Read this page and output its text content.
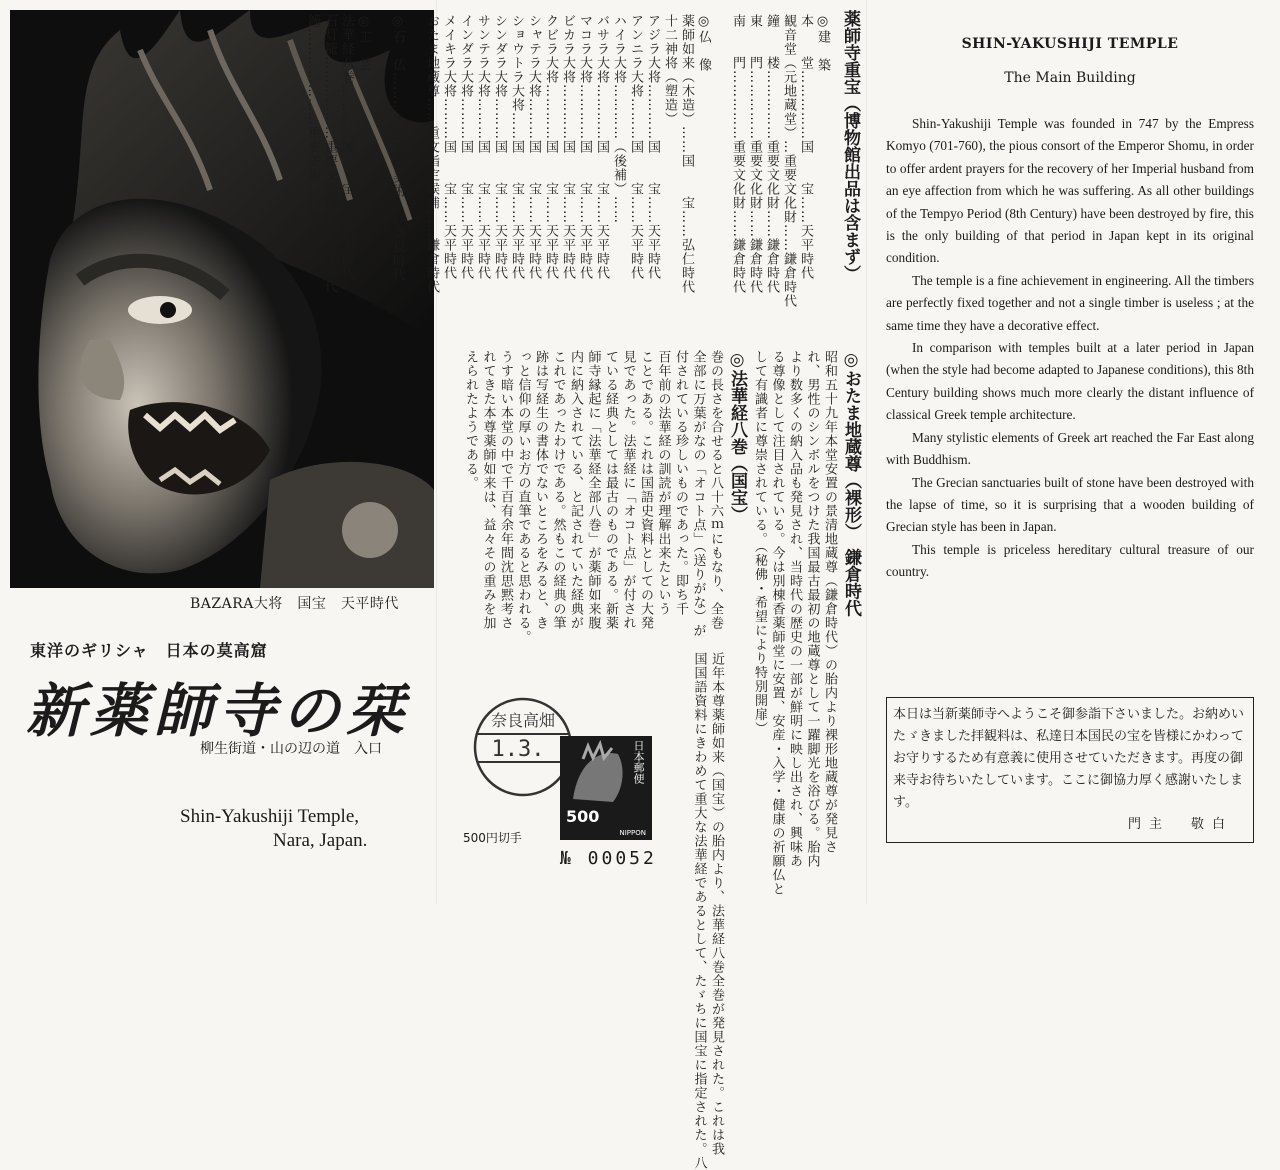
BAZARA大将　国宝　天平時代
東洋のギリシャ　日本の莫高窟
新薬師寺の栞
柳生街道・山の辺の道　入口
Shin-Yakushiji Temple,
Nara, Japan.
薬師寺重宝（博物館出品は含まず）
◎建　築
本　　堂……………国　　宝……天平時代
観音堂（元地蔵堂）…重要文化財……鎌倉時代
鐘　　楼……………重要文化財……鎌倉時代
東　　門……………重要文化財……鎌倉時代
南　　門……………重要文化財……鎌倉時代

◎仏　像
薬師如来（木造）……国　　宝……弘仁時代
十二神将（塑造）
アジラ大将…………国　　宝……天平時代
アンニラ大将………国　　宝……天平時代
ハイラ大将…………（後補）……
バサラ大将…………国　　宝……天平時代
マコラ大将…………国　　宝……天平時代
ビカラ大将…………国　　宝……天平時代
クビラ大将…………国　　宝……天平時代
シャテラ大将………国　　宝……天平時代
ショウトラ大将……国　　宝……天平時代
シンダラ大将………国　　宝……天平時代
サンテラ大将………国　　宝……天平時代
インダラ大将………国　　宝……天平時代
メイキラ大将………国　　宝……天平時代
おたま地蔵尊……重文指定候補……鎌倉時代

◎石　仏……………重要美術……奈良時代

◎工　芸
法華経八巻…………国　　宝……天平時代
石灯籠………………重要文化財……天平時代
鐘…………………重要美術……室町時代
◎おたま地蔵尊（裸形）　鎌倉時代
昭和五十九年本堂安置の景清地蔵尊（鎌倉時代）の胎内より裸形地蔵尊が発見さ
れ、男性のシンボルをつけた我国最古最初の地蔵尊として一躍脚光を浴びる。胎内
より数多くの納入品も発見され、当時代の歴史の一部が鮮明に映し出され、興味あ
る尊像として注目されている。今は別棟香薬師堂に安置、安産・入学・健康の祈願仏と
して有識者に尊崇されている。（秘佛・希望により特別開扉）
◎法華経八巻（国宝）
近年本尊薬師如来（国宝）の胎内より、法華経八巻全巻が発見された。これは我
国国語資料にきわめて重大な法華経であるとして、たゞちに国宝に指定された。八
巻の長さを合せると八十六ｍにもなり、全巻
全部に万葉がなの「オコト点」（送りがな）が
付されている珍しいものであった。即ち千
百年前の法華経の訓読が理解出来たという
ことである。これは国語史資料としての大発
見であった。法華経に「オコト点」が付され
ている経典としては最古のものである。新薬
師寺縁起に「法華経全部八巻」が薬師如来腹
内に納入されている、と記されていた経典が
これであったわけである。然もこの経典の筆
跡は写経生の書体でないところをみると、き
っと信仰の厚いお方の直筆であると思われる。
うす暗い本堂の中で千百有余年間沈思黙考さ
れてきた本尊薬師如来は、益々その重みを加
えられたようである。
奈良高畑
1.3.	日本郵便
500
NIPPON
500円切手
№ 00052
SHIN-YAKUSHIJI TEMPLE
The Main Building

Shin-Yakushiji Temple was founded in 747 by the Empress Komyo (701-760), the pious consort of the Emperor Shomu, in order to offer ardent prayers for the recovery of her Imperial husband from an eye affection from which he was suffering. As all other buildings of the Tempyo Period (8th Century) have been destroyed by fire, this is the only building of that period in Japan kept in its original condition.

The temple is a fine achievement in engineering. All the timbers are perfectly fixed together and not a single timber is useless ; at the same time they have a decorative effect.

In comparison with temples built at a later period in Japan (when the style had become adapted to Japanese conditions), this 8th Century building shows much more clearly the distant influence of classical Greek temple architecture.

Many stylistic elements of Greek art reached the Far East along with Buddhism.

The Grecian sanctuaries built of stone have been destroyed with the lapse of time, so it is surprising that a wooden building of Grecian style has been in Japan.

This temple is priceless hereditary cultural treasure of our country.

本日は当新薬師寺へようこそ御参詣下さいました。お納めいたゞきました拝観料は、私達日本国民の宝を皆様にかわってお守りするため有意義に使用させていただきます。再度の御来寺お待ちいたしています。ここに御協力厚く感謝いたします。
門主　敬白
